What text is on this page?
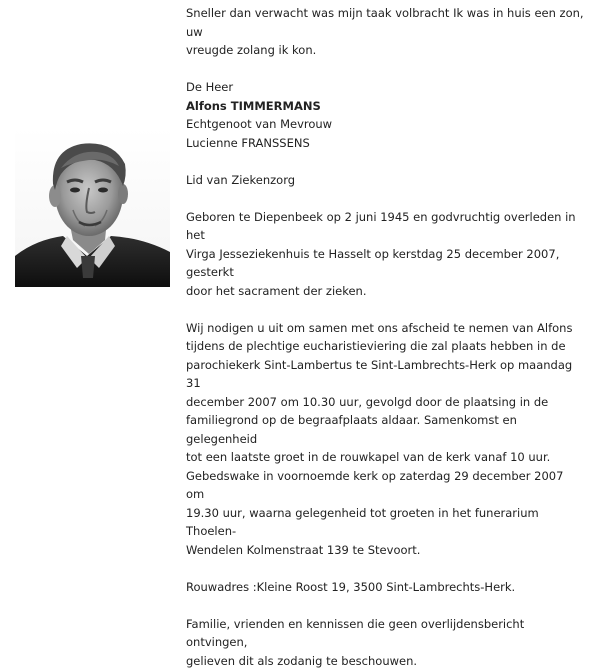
Sneller dan verwacht was mijn taak volbracht Ik was in huis een zon, uw
vreugde zolang ik kon.

De Heer

Alfons TIMMERMANS

Echtgenoot van Mevrouw

Lucienne FRANSSENS

Lid van Ziekenzorg

Geboren te Diepenbeek op 2 juni 1945 en godvruchtig overleden in het
Virga Jesseziekenhuis te Hasselt op kerstdag 25 december 2007, gesterkt
door het sacrament der zieken.

Wij nodigen u uit om samen met ons afscheid te nemen van Alfons
tijdens de plechtige eucharistieviering die zal plaats hebben in de
parochiekerk Sint-Lambertus te Sint-Lambrechts-Herk op maandag 31
december 2007 om 10.30 uur, gevolgd door de plaatsing in de
familiegrond op de begraafplaats aldaar. Samenkomst en gelegenheid
tot een laatste groet in de rouwkapel van de kerk vanaf 10 uur.
Gebedswake in voornoemde kerk op zaterdag 29 december 2007 om
19.30 uur, waarna gelegenheid tot groeten in het funerarium Thoelen-
Wendelen Kolmenstraat 139 te Stevoort.

Rouwadres :Kleine Roost 19, 3500 Sint-Lambrechts-Herk.

Familie, vrienden en kennissen die geen overlijdensbericht ontvingen,
gelieven dit als zodanig te beschouwen.
